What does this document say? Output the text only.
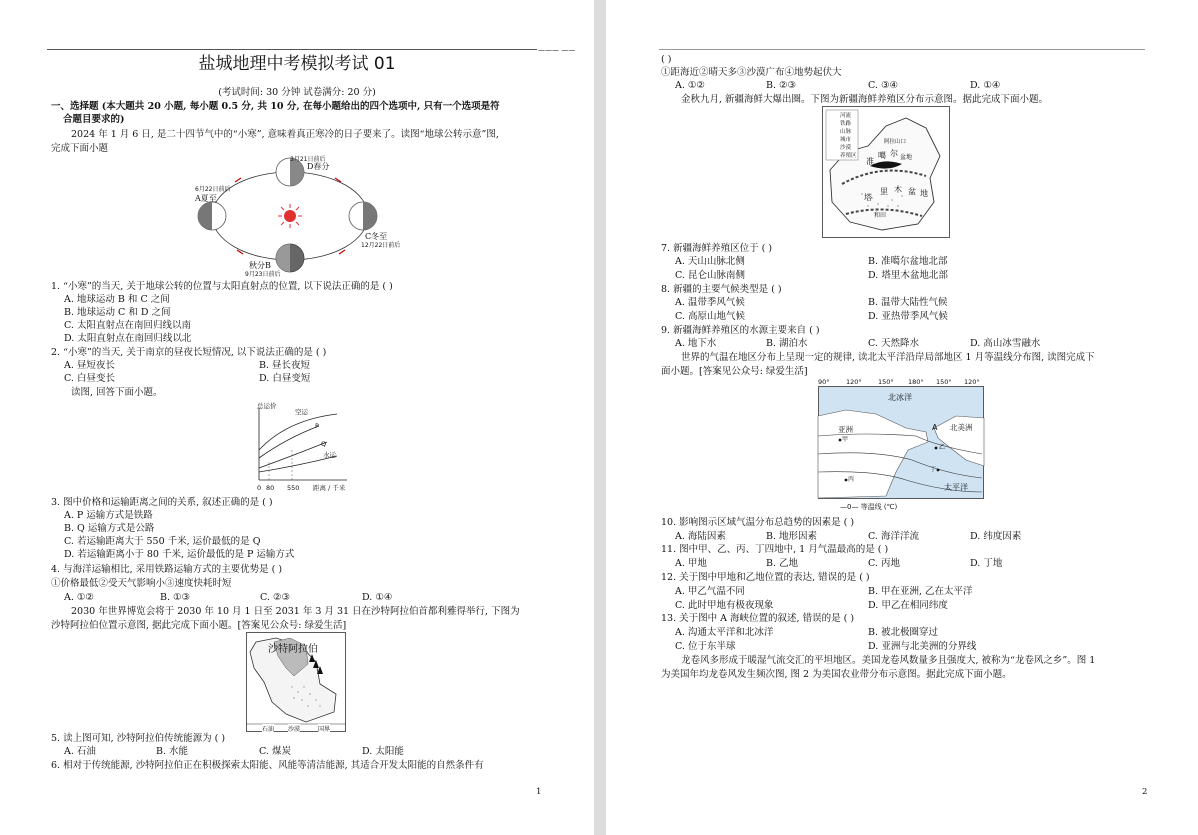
——— ——
盐城地理中考模拟考试 01
(考试时间: 30 分钟 试卷满分: 20 分)
一、选择题 (本大题共 20 小题, 每小题 0.5 分, 共 10 分, 在每小题给出的四个选项中, 只有一个选项是符
合题目要求的)
2024 年 1 月 6 日, 是二十四节气中的“小寒”, 意味着真正寒冷的日子要来了。读图“地球公转示意”图,
完成下面小题
3月21日前后
D春分
6月22日前后
A夏至
C冬至
12月22日前后
秋分B
9月23日前后
1. “小寒”的当天, 关于地球公转的位置与太阳直射点的位置, 以下说法正确的是 ( )
A. 地球运动 B 和 C 之间
B. 地球运动 C 和 D 之间
C. 太阳直射点在南回归线以南
D. 太阳直射点在南回归线以北
2. “小寒”的当天, 关于南京的昼夜长短情况, 以下说法正确的是 ( )
A. 昼短夜长	B. 昼长夜短
C. 白昼变长	D. 白昼变短
读图, 回答下面小题。
总运价
空运
P
Q
水运
0 80 550 距离 / 千米
3. 图中价格和运输距离之间的关系, 叙述正确的是 ( )
A. P 运输方式是铁路
B. Q 运输方式是公路
C. 若运输距离大于 550 千米, 运价最低的是 Q
D. 若运输距离小于 80 千米, 运价最低的是 P 运输方式
4. 与海洋运输相比, 采用铁路运输方式的主要优势是 ( )
①价格最低②受天气影响小③速度快耗时短
A. ①②	B. ①③	C. ②③	D. ①④
2030 年世界博览会将于 2030 年 10 月 1 日至 2031 年 3 月 31 日在沙特阿拉伯首都利雅得举行, 下图为
沙特阿拉伯位置示意图, 据此完成下面小题。[答案见公众号: 绿爱生活]
沙特阿拉伯
石油 沙漠	国界
5. 读上图可知, 沙特阿拉伯传统能源为 ( )
A. 石油	B. 水能	C. 煤炭	D. 太阳能
6. 相对于传统能源, 沙特阿拉伯正在积极探索太阳能、风能等清洁能源, 其适合开发太阳能的自然条件有
1
( )
①距海近②晴天多③沙漠广布④地势起伏大
A. ①②	B. ②③	C. ③④	D. ①④
金秋九月, 新疆海鲜大爆出圈。下图为新疆海鲜养殖区分布示意图。据此完成下面小题。
河流
铁路
山脉
城市
沙漠
养殖区
阿拉山口
准
噶 尔 盆地
塔
里 木 盆 地
和田
7. 新疆海鲜养殖区位于 ( )
A. 天山山脉北侧	B. 准噶尔盆地北部
C. 昆仑山脉南侧	D. 塔里木盆地北部
8. 新疆的主要气候类型是 ( )
A. 温带季风气候	B. 温带大陆性气候
C. 高原山地气候	D. 亚热带季风气候
9. 新疆海鲜养殖区的水源主要来自 ( )
A. 地下水	B. 湖泊水	C. 天然降水	D. 高山冰雪融水
世界的气温在地区分布上呈现一定的规律, 读北太平洋沿岸局部地区 1 月等温线分布图, 读图完成下
面小题。[答案见公众号: 绿爱生活]
90°	120°	150° 180° 150° 120°
北冰洋
亚洲	北美洲
A
太平洋
甲
乙
丙
丁
—0— 等温线 (℃)
10. 影响图示区域气温分布总趋势的因素是 ( )
A. 海陆因素	B. 地形因素	C. 海洋洋流	D. 纬度因素
11. 图中甲、乙、丙、丁四地中, 1 月气温最高的是 ( )
A. 甲地	B. 乙地	C. 丙地	D. 丁地
12. 关于图中甲地和乙地位置的表达, 错误的是 ( )
A. 甲乙气温不同	B. 甲在亚洲, 乙在太平洋
C. 此时甲地有极夜现象	D. 甲乙在相同纬度
13. 关于图中 A 海峡位置的叙述, 错误的是 ( )
A. 沟通太平洋和北冰洋	B. 被北极圈穿过
C. 位于东半球	D. 亚洲与北美洲的分界线
龙卷风多形成于暖湿气流交汇的平坦地区。美国龙卷风数量多且强度大, 被称为“龙卷风之乡”。图 1
为美国年均龙卷风发生频次图, 图 2 为美国农业带分布示意图。据此完成下面小题。
2
